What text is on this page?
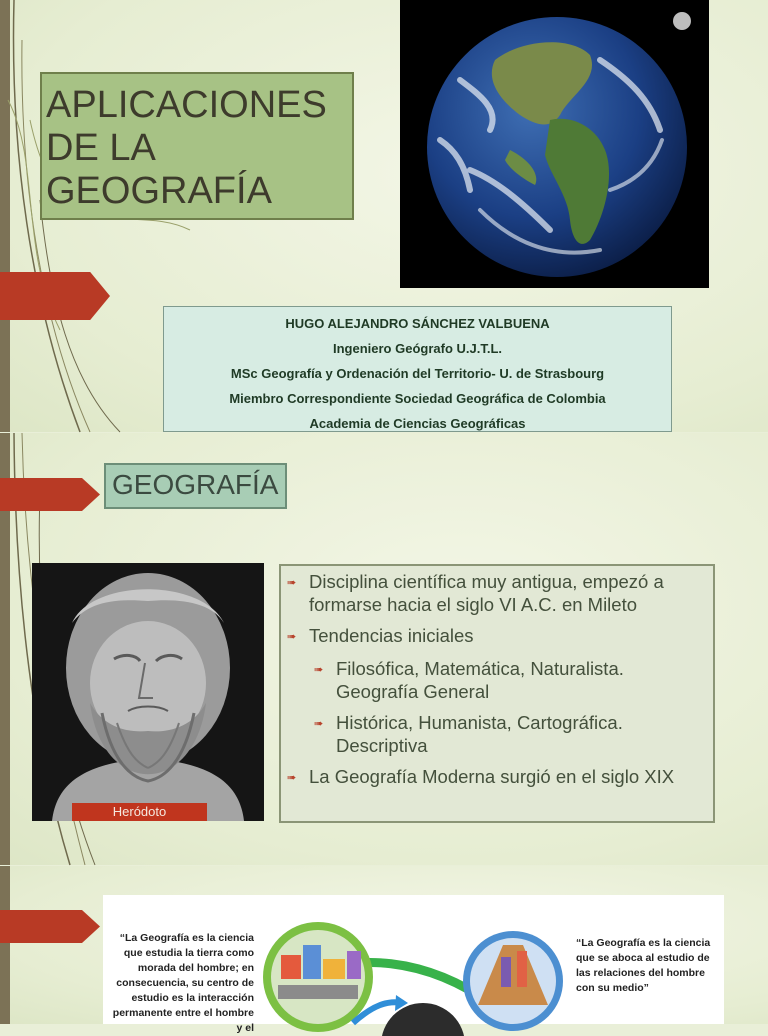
APLICACIONES
DE LA
GEOGRAFÍA
HUGO ALEJANDRO SÁNCHEZ VALBUENA
Ingeniero Geógrafo U.J.T.L.
MSc Geografía y Ordenación del Territorio- U. de Strasbourg
Miembro Correspondiente Sociedad Geográfica de Colombia
Academia de Ciencias Geográficas
GEOGRAFÍA
Heródoto
➠ Disciplina científica muy antigua, empezó a formarse hacia el siglo VI A.C. en Mileto
➠ Tendencias iniciales
➠ Filosófica, Matemática, Naturalista. Geografía General
➠ Histórica, Humanista, Cartográfica. Descriptiva
➠ La Geografía Moderna surgió en el siglo XIX
“La Geografía es la ciencia que estudia la tierra como morada del hombre; en consecuencia, su centro de estudio es la interacción permanente entre el hombre y el
“La Geografía es la ciencia que se aboca al estudio de las relaciones del hombre con su medio”
